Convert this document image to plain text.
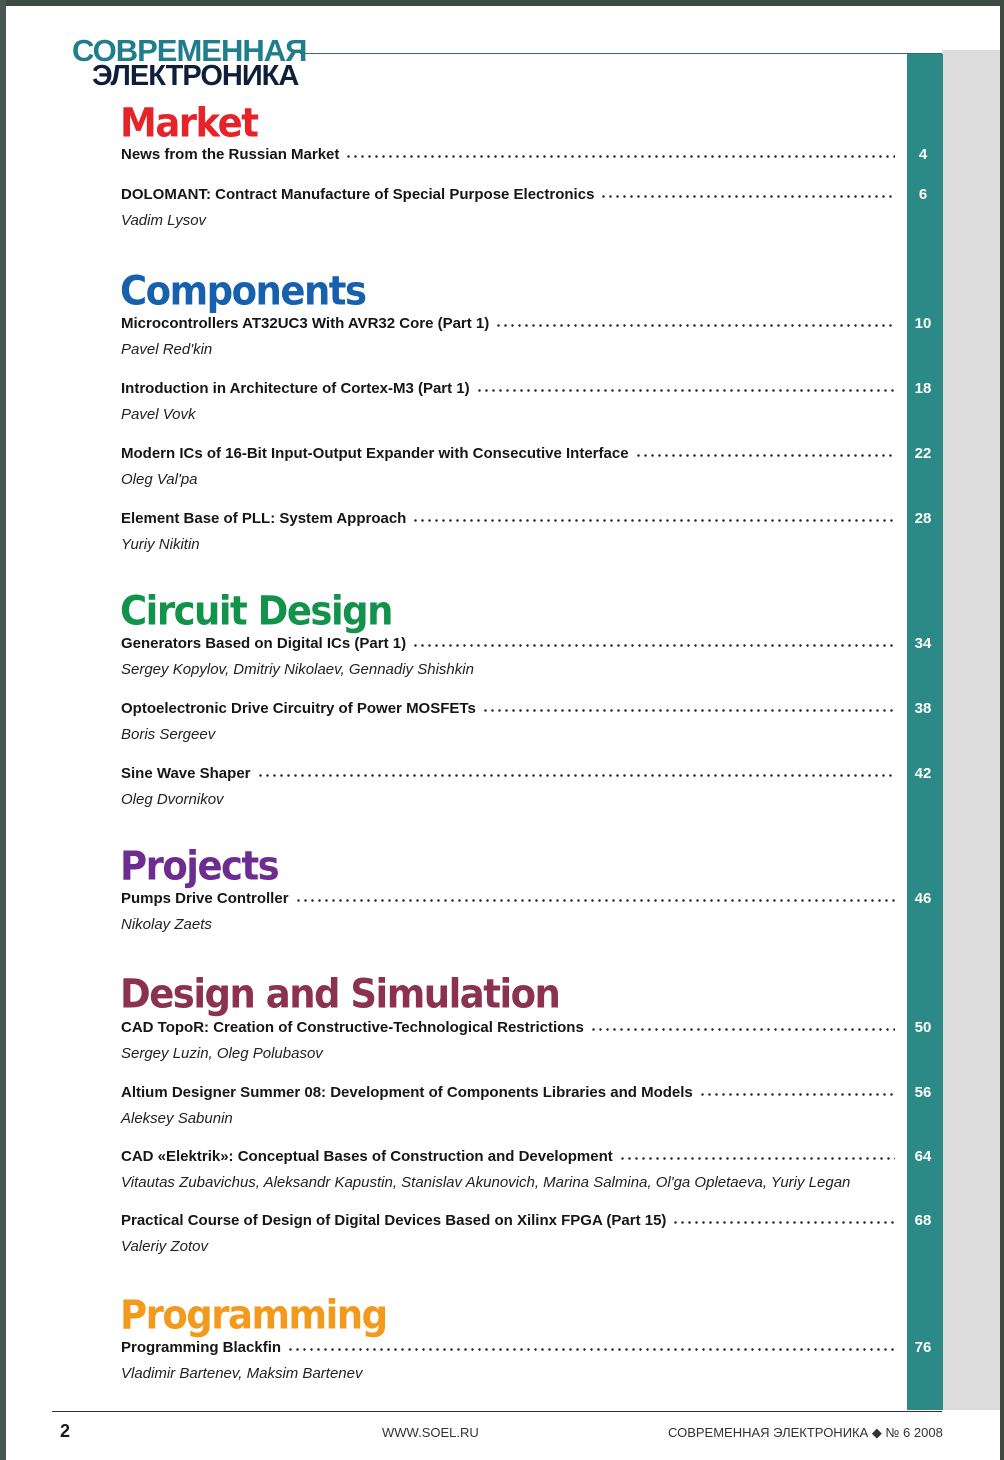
СОВРЕМЕННАЯ
ЭЛЕКТРОНИКА
Market
News from the Russian Market	4
DOLOMANT: Contract Manufacture of Special Purpose Electronics	6
Vadim Lysov
Components
Microcontrollers AT32UC3 With AVR32 Core (Part 1)	10
Pavel Red'kin
Introduction in Architecture of Cortex-M3 (Part 1)	18
Pavel Vovk
Modern ICs of 16-Bit Input-Output Expander with Consecutive Interface	22
Oleg Val'pa
Element Base of PLL: System Approach	28
Yuriy Nikitin
Circuit Design
Generators Based on Digital ICs (Part 1)	34
Sergey Kopylov, Dmitriy Nikolaev, Gennadiy Shishkin
Optoelectronic Drive Circuitry of Power MOSFETs	38
Boris Sergeev
Sine Wave Shaper	42
Oleg Dvornikov
Projects
Pumps Drive Controller	46
Nikolay Zaets
Design and Simulation
CAD TopoR: Creation of Constructive-Technological Restrictions	50
Sergey Luzin, Oleg Polubasov
Altium Designer Summer 08: Development of Components Libraries and Models	56
Aleksey Sabunin
CAD «Elektrik»: Conceptual Bases of Construction and Development	64
Vitautas Zubavichus, Aleksandr Kapustin, Stanislav Akunovich, Marina Salmina, Ol'ga Opletaeva, Yuriy Legan
Practical Course of Design of Digital Devices Based on Xilinx FPGA (Part 15)	68
Valeriy Zotov
Programming
Programming Blackfin	76
Vladimir Bartenev, Maksim Bartenev
2	WWW.SOEL.RU	СОВРЕМЕННАЯ ЭЛЕКТРОНИКА ◆ № 6 2008
